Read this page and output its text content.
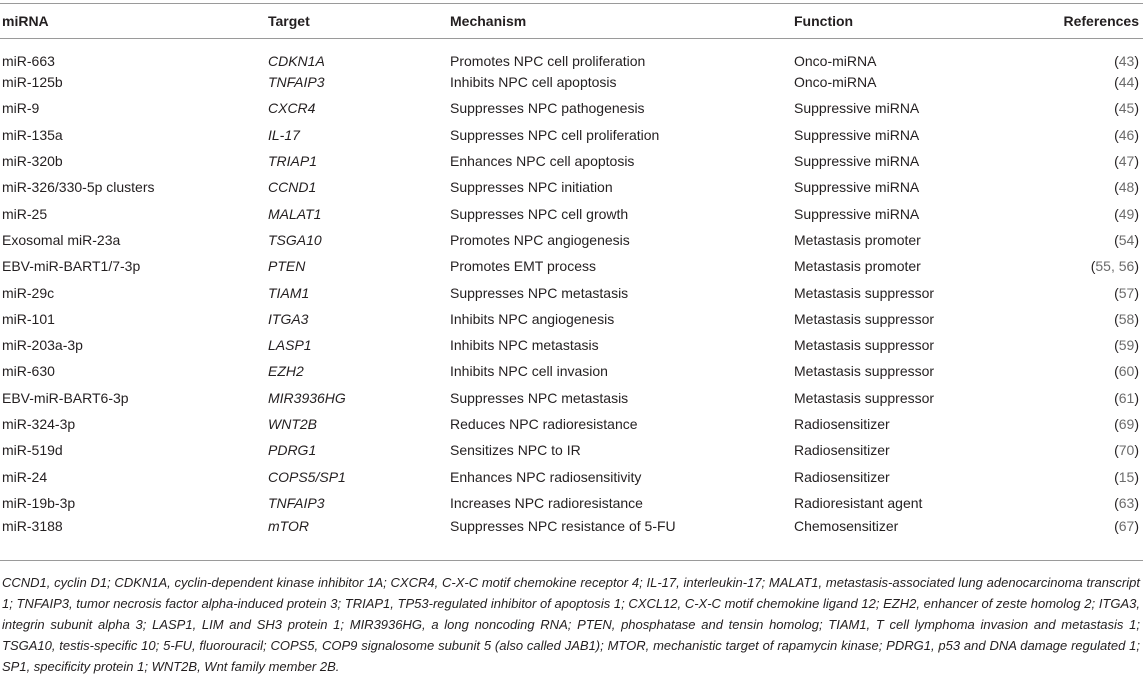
miRNA	Target	Mechanism	Function	References
miR-663	CDKN1A	Promotes NPC cell proliferation	Onco-miRNA	(43)
miR-125b	TNFAIP3	Inhibits NPC cell apoptosis	Onco-miRNA	(44)
miR-9	CXCR4	Suppresses NPC pathogenesis	Suppressive miRNA	(45)
miR-135a	IL-17	Suppresses NPC cell proliferation	Suppressive miRNA	(46)
miR-320b	TRIAP1	Enhances NPC cell apoptosis	Suppressive miRNA	(47)
miR-326/330-5p clusters	CCND1	Suppresses NPC initiation	Suppressive miRNA	(48)
miR-25	MALAT1	Suppresses NPC cell growth	Suppressive miRNA	(49)
Exosomal miR-23a	TSGA10	Promotes NPC angiogenesis	Metastasis promoter	(54)
EBV-miR-BART1/7-3p	PTEN	Promotes EMT process	Metastasis promoter	(55, 56)
miR-29c	TIAM1	Suppresses NPC metastasis	Metastasis suppressor	(57)
miR-101	ITGA3	Inhibits NPC angiogenesis	Metastasis suppressor	(58)
miR-203a-3p	LASP1	Inhibits NPC metastasis	Metastasis suppressor	(59)
miR-630	EZH2	Inhibits NPC cell invasion	Metastasis suppressor	(60)
EBV-miR-BART6-3p	MIR3936HG	Suppresses NPC metastasis	Metastasis suppressor	(61)
miR-324-3p	WNT2B	Reduces NPC radioresistance	Radiosensitizer	(69)
miR-519d	PDRG1	Sensitizes NPC to IR	Radiosensitizer	(70)
miR-24	COPS5/SP1	Enhances NPC radiosensitivity	Radiosensitizer	(15)
miR-19b-3p	TNFAIP3	Increases NPC radioresistance	Radioresistant agent	(63)
miR-3188	mTOR	Suppresses NPC resistance of 5-FU	Chemosensitizer	(67)
CCND1, cyclin D1; CDKN1A, cyclin-dependent kinase inhibitor 1A; CXCR4, C-X-C motif chemokine receptor 4; IL-17, interleukin-17; MALAT1, metastasis-associated lung adenocarcinoma transcript 1; TNFAIP3, tumor necrosis factor alpha-induced protein 3; TRIAP1, TP53-regulated inhibitor of apoptosis 1; CXCL12, C-X-C motif chemokine ligand 12; EZH2, enhancer of zeste homolog 2; ITGA3, integrin subunit alpha 3; LASP1, LIM and SH3 protein 1; MIR3936HG, a long noncoding RNA; PTEN, phosphatase and tensin homolog; TIAM1, T cell lymphoma invasion and metastasis 1; TSGA10, testis-specific 10; 5-FU, fluorouracil; COPS5, COP9 signalosome subunit 5 (also called JAB1); MTOR, mechanistic target of rapamycin kinase; PDRG1, p53 and DNA damage regulated 1; SP1, specificity protein 1; WNT2B, Wnt family member 2B.
